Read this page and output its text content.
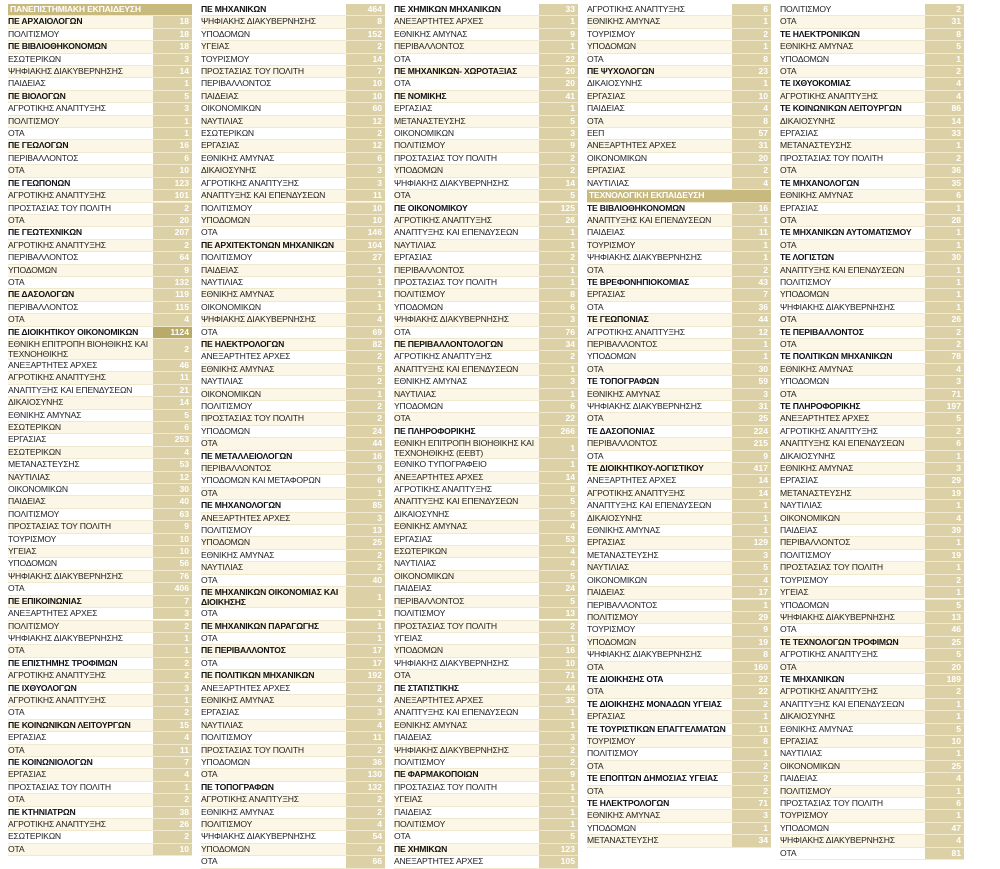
ΠΑΝΕΠΙΣΤΗΜΙΑΚΗ ΕΚΠΑΙΔΕΥΣΗ
ΠΕ ΑΡΧΑΙΟΛΟΓΩΝ	18
ΠΟΛΙΤΙΣΜΟΥ	18
ΠΕ ΒΙΒΛΙΟΘΗΚΟΝΟΜΩΝ	18
ΕΣΩΤΕΡΙΚΩΝ	3
ΨΗΦΙΑΚΗΣ ΔΙΑΚΥΒΕΡΝΗΣΗΣ	14
ΠΑΙΔΕΙΑΣ	1
ΠΕ ΒΙΟΛΟΓΩΝ	5
ΑΓΡΟΤΙΚΗΣ ΑΝΑΠΤΥΞΗΣ	3
ΠΟΛΙΤΙΣΜΟΥ	1
ΟΤΑ	1
ΠΕ ΓΕΩΛΟΓΩΝ	16
ΠΕΡΙΒΑΛΛΟΝΤΟΣ	6
ΟΤΑ	10
ΠΕ ΓΕΩΠΟΝΩΝ	123
ΑΓΡΟΤΙΚΗΣ ΑΝΑΠΤΥΞΗΣ	101
ΠΡΟΣΤΑΣΙΑΣ ΤΟΥ ΠΟΛΙΤΗ	2
ΟΤΑ	20
ΠΕ ΓΕΩΤΕΧΝΙΚΩΝ	207
ΑΓΡΟΤΙΚΗΣ ΑΝΑΠΤΥΞΗΣ	2
ΠΕΡΙΒΑΛΛΟΝΤΟΣ	64
ΥΠΟΔΟΜΩΝ	9
ΟΤΑ	132
ΠΕ ΔΑΣΟΛΟΓΩΝ	119
ΠΕΡΙΒΑΛΛΟΝΤΟΣ	115
ΟΤΑ	4
ΠΕ ΔΙΟΙΚΗΤΙΚΟΥ ΟΙΚΟΝΟΜΙΚΩΝ	1124
ΕΘΝΙΚΗ ΕΠΙΤΡΟΠΗ ΒΙΟΗΘΙΚΗΣ ΚΑΙ ΤΕΧΝΟΗΘΙΚΗΣ	2
ΑΝΕΞΑΡΤΗΤΕΣ ΑΡΧΕΣ	46
ΑΓΡΟΤΙΚΗΣ ΑΝΑΠΤΥΞΗΣ	11
ΑΝΑΠΤΥΞΗΣ ΚΑΙ ΕΠΕΝΔΥΣΕΩΝ	21
ΔΙΚΑΙΟΣΥΝΗΣ	14
ΕΘΝΙΚΗΣ ΑΜΥΝΑΣ	5
ΕΣΩΤΕΡΙΚΩΝ	6
ΕΡΓΑΣΙΑΣ	253
ΕΣΩΤΕΡΙΚΩΝ	4
ΜΕΤΑΝΑΣΤΕΥΣΗΣ	53
ΝΑΥΤΙΛΙΑΣ	12
ΟΙΚΟΝΟΜΙΚΩΝ	30
ΠΑΙΔΕΙΑΣ	40
ΠΟΛΙΤΙΣΜΟΥ	63
ΠΡΟΣΤΑΣΙΑΣ ΤΟΥ ΠΟΛΙΤΗ	9
ΤΟΥΡΙΣΜΟΥ	10
ΥΓΕΙΑΣ	10
ΥΠΟΔΟΜΩΝ	56
ΨΗΦΙΑΚΗΣ ΔΙΑΚΥΒΕΡΝΗΣΗΣ	76
ΟΤΑ	406
ΠΕ ΕΠΙΚΟΙΝΩΝΙΑΣ	7
ΑΝΕΞΑΡΤΗΤΕΣ ΑΡΧΕΣ	3
ΠΟΛΙΤΙΣΜΟΥ	2
ΨΗΦΙΑΚΗΣ ΔΙΑΚΥΒΕΡΝΗΣΗΣ	1
ΟΤΑ	1
ΠΕ ΕΠΙΣΤΗΜΗΣ ΤΡΟΦΙΜΩΝ	2
ΑΓΡΟΤΙΚΗΣ ΑΝΑΠΤΥΞΗΣ	2
ΠΕ ΙΧΘΥΟΛΟΓΩΝ	3
ΑΓΡΟΤΙΚΗΣ ΑΝΑΠΤΥΞΗΣ	1
ΟΤΑ	2
ΠΕ ΚΟΙΝΩΝΙΚΩΝ ΛΕΙΤΟΥΡΓΩΝ	15
ΕΡΓΑΣΙΑΣ	4
ΟΤΑ	11
ΠΕ ΚΟΙΝΩΝΙΟΛΟΓΩΝ	7
ΕΡΓΑΣΙΑΣ	4
ΠΡΟΣΤΑΣΙΑΣ ΤΟΥ ΠΟΛΙΤΗ	1
ΟΤΑ	2
ΠΕ ΚΤΗΝΙΑΤΡΩΝ	38
ΑΓΡΟΤΙΚΗΣ ΑΝΑΠΤΥΞΗΣ	26
ΕΣΩΤΕΡΙΚΩΝ	2
ΟΤΑ	10
ΠΕ ΜΗΧΑΝΙΚΩΝ	464
ΨΗΦΙΑΚΗΣ ΔΙΑΚΥΒΕΡΝΗΣΗΣ	8
ΥΠΟΔΟΜΩΝ	152
ΥΓΕΙΑΣ	2
ΤΟΥΡΙΣΜΟΥ	14
ΠΡΟΣΤΑΣΙΑΣ ΤΟΥ ΠΟΛΙΤΗ	7
ΠΕΡΙΒΑΛΛΟΝΤΟΣ	10
ΠΑΙΔΕΙΑΣ	10
ΟΙΚΟΝΟΜΙΚΩΝ	60
ΝΑΥΤΙΛΙΑΣ	12
ΕΣΩΤΕΡΙΚΩΝ	2
ΕΡΓΑΣΙΑΣ	12
ΕΘΝΙΚΗΣ ΑΜΥΝΑΣ	6
ΔΙΚΑΙΟΣΥΝΗΣ	3
ΑΓΡΟΤΙΚΗΣ ΑΝΑΠΤΥΞΗΣ	3
ΑΝΑΠΤΥΞΗΣ ΚΑΙ ΕΠΕΝΔΥΣΕΩΝ	11
ΠΟΛΙΤΙΣΜΟΥ	10
ΥΠΟΔΟΜΩΝ	10
ΟΤΑ	146
ΠΕ ΑΡΧΙΤΕΚΤΟΝΩΝ ΜΗΧΑΝΙΚΩΝ	104
ΠΟΛΙΤΙΣΜΟΥ	27
ΠΑΙΔΕΙΑΣ	1
ΝΑΥΤΙΛΙΑΣ	1
ΕΘΝΙΚΗΣ ΑΜΥΝΑΣ	1
ΟΙΚΟΝΟΜΙΚΩΝ	1
ΨΗΦΙΑΚΗΣ ΔΙΑΚΥΒΕΡΝΗΣΗΣ	4
ΟΤΑ	69
ΠΕ ΗΛΕΚΤΡΟΛΟΓΩΝ	82
ΑΝΕΞΑΡΤΗΤΕΣ ΑΡΧΕΣ	2
ΕΘΝΙΚΗΣ ΑΜΥΝΑΣ	5
ΝΑΥΤΙΛΙΑΣ	2
ΟΙΚΟΝΟΜΙΚΩΝ	1
ΠΟΛΙΤΙΣΜΟΥ	2
ΠΡΟΣΤΑΣΙΑΣ ΤΟΥ ΠΟΛΙΤΗ	2
ΥΠΟΔΟΜΩΝ	24
ΟΤΑ	44
ΠΕ ΜΕΤΑΛΛΕΙΟΛΟΓΩΝ	16
ΠΕΡΙΒΑΛΛΟΝΤΟΣ	9
ΥΠΟΔΟΜΩΝ ΚΑΙ ΜΕΤΑΦΟΡΩΝ	6
ΟΤΑ	1
ΠΕ ΜΗΧΑΝΟΛΟΓΩΝ	85
ΑΝΕΞΑΡΤΗΤΕΣ ΑΡΧΕΣ	3
ΠΟΛΙΤΙΣΜΟΥ	13
ΥΠΟΔΟΜΩΝ	25
ΕΘΝΙΚΗΣ ΑΜΥΝΑΣ	2
ΝΑΥΤΙΛΙΑΣ	2
ΟΤΑ	40
ΠΕ ΜΗΧΑΝΙΚΩΝ ΟΙΚΟΝΟΜΙΑΣ ΚΑΙ ΔΙΟΙΚΗΣΗΣ	1
ΟΤΑ	1
ΠΕ ΜΗΧΑΝΙΚΩΝ ΠΑΡΑΓΩΓΗΣ	1
ΟΤΑ	1
ΠΕ ΠΕΡΙΒΑΛΛΟΝΤΟΣ	17
ΟΤΑ	17
ΠΕ ΠΟΛΙΤΙΚΩΝ ΜΗΧΑΝΙΚΩΝ	192
ΑΝΕΞΑΡΤΗΤΕΣ ΑΡΧΕΣ	2
ΕΘΝΙΚΗΣ ΑΜΥΝΑΣ	4
ΕΡΓΑΣΙΑΣ	3
ΝΑΥΤΙΛΙΑΣ	4
ΠΟΛΙΤΙΣΜΟΥ	11
ΠΡΟΣΤΑΣΙΑΣ ΤΟΥ ΠΟΛΙΤΗ	2
ΥΠΟΔΟΜΩΝ	36
ΟΤΑ	130
ΠΕ ΤΟΠΟΓΡΑΦΩΝ	132
ΑΓΡΟΤΙΚΗΣ ΑΝΑΠΤΥΞΗΣ	2
ΕΘΝΙΚΗΣ ΑΜΥΝΑΣ	2
ΠΟΛΙΤΙΣΜΟΥ	4
ΨΗΦΙΑΚΗΣ ΔΙΑΚΥΒΕΡΝΗΣΗΣ	54
ΥΠΟΔΟΜΩΝ	4
ΟΤΑ	66
ΠΕ ΧΗΜΙΚΩΝ ΜΗΧΑΝΙΚΩΝ	33
ΑΝΕΞΑΡΤΗΤΕΣ ΑΡΧΕΣ	1
ΕΘΝΙΚΗΣ ΑΜΥΝΑΣ	9
ΠΕΡΙΒΑΛΛΟΝΤΟΣ	1
ΟΤΑ	22
ΠΕ ΜΗΧΑΝΙΚΩΝ- ΧΩΡΟΤΑΞΙΑΣ	20
ΟΤΑ	20
ΠΕ ΝΟΜΙΚΗΣ	41
ΕΡΓΑΣΙΑΣ	1
ΜΕΤΑΝΑΣΤΕΥΣΗΣ	5
ΟΙΚΟΝΟΜΙΚΩΝ	3
ΠΟΛΙΤΙΣΜΟΥ	9
ΠΡΟΣΤΑΣΙΑΣ ΤΟΥ ΠΟΛΙΤΗ	2
ΥΠΟΔΟΜΩΝ	2
ΨΗΦΙΑΚΗΣ ΔΙΑΚΥΒΕΡΝΗΣΗΣ	14
ΟΤΑ	5
ΠΕ ΟΙΚΟΝΟΜΙΚΟΥ	125
ΑΓΡΟΤΙΚΗΣ ΑΝΑΠΤΥΞΗΣ	26
ΑΝΑΠΤΥΞΗΣ ΚΑΙ ΕΠΕΝΔΥΣΕΩΝ	1
ΝΑΥΤΙΛΙΑΣ	1
ΕΡΓΑΣΙΑΣ	2
ΠΕΡΙΒΑΛΛΟΝΤΟΣ	1
ΠΡΟΣΤΑΣΙΑΣ ΤΟΥ ΠΟΛΙΤΗ	1
ΠΟΛΙΤΙΣΜΟΥ	8
ΥΠΟΔΟΜΩΝ	6
ΨΗΦΙΑΚΗΣ ΔΙΑΚΥΒΕΡΝΗΣΗΣ	3
ΟΤΑ	76
ΠΕ ΠΕΡΙΒΑΛΛΟΝΤΟΛΟΓΩΝ	34
ΑΓΡΟΤΙΚΗΣ ΑΝΑΠΤΥΞΗΣ	2
ΑΝΑΠΤΥΞΗΣ ΚΑΙ ΕΠΕΝΔΥΣΕΩΝ	1
ΕΘΝΙΚΗΣ ΑΜΥΝΑΣ	3
ΝΑΥΤΙΛΙΑΣ	1
ΥΠΟΔΟΜΩΝ	6
ΟΤΑ	22
ΠΕ ΠΛΗΡΟΦΟΡΙΚΗΣ	266
ΕΘΝΙΚΗ ΕΠΙΤΡΟΠΗ ΒΙΟΗΘΙΚΗΣ ΚΑΙ ΤΕΧΝΟΗΘΙΚΗΣ (ΕΕΒΤ)	1
ΕΘΝΙΚΟ ΤΥΠΟΓΡΑΦΕΙΟ	1
ΑΝΕΞΑΡΤΗΤΕΣ ΑΡΧΕΣ	14
ΑΓΡΟΤΙΚΗΣ ΑΝΑΠΤΥΞΗΣ	8
ΑΝΑΠΤΥΞΗΣ ΚΑΙ ΕΠΕΝΔΥΣΕΩΝ	5
ΔΙΚΑΙΟΣΥΝΗΣ	5
ΕΘΝΙΚΗΣ ΑΜΥΝΑΣ	4
ΕΡΓΑΣΙΑΣ	53
ΕΣΩΤΕΡΙΚΩΝ	4
ΝΑΥΤΙΛΙΑΣ	4
ΟΙΚΟΝΟΜΙΚΩΝ	5
ΠΑΙΔΕΙΑΣ	24
ΠΕΡΙΒΑΛΛΟΝΤΟΣ	5
ΠΟΛΙΤΙΣΜΟΥ	13
ΠΡΟΣΤΑΣΙΑΣ ΤΟΥ ΠΟΛΙΤΗ	2
ΥΓΕΙΑΣ	1
ΥΠΟΔΟΜΩΝ	16
ΨΗΦΙΑΚΗΣ ΔΙΑΚΥΒΕΡΝΗΣΗΣ	10
ΟΤΑ	71
ΠΕ ΣΤΑΤΙΣΤΙΚΗΣ	44
ΑΝΕΞΑΡΤΗΤΕΣ ΑΡΧΕΣ	35
ΑΝΑΠΤΥΞΗΣ ΚΑΙ ΕΠΕΝΔΥΣΕΩΝ	1
ΕΘΝΙΚΗΣ ΑΜΥΝΑΣ	1
ΠΑΙΔΕΙΑΣ	3
ΨΗΦΙΑΚΗΣ ΔΙΑΚΥΒΕΡΝΗΣΗΣ	2
ΠΟΛΙΤΙΣΜΟΥ	2
ΠΕ ΦΑΡΜΑΚΟΠΟΙΩΝ	9
ΠΡΟΣΤΑΣΙΑΣ ΤΟΥ ΠΟΛΙΤΗ	1
ΥΓΕΙΑΣ	1
ΠΑΙΔΕΙΑΣ	1
ΠΟΛΙΤΙΣΜΟΥ	1
ΟΤΑ	5
ΠΕ ΧΗΜΙΚΩΝ	123
ΑΝΕΞΑΡΤΗΤΕΣ ΑΡΧΕΣ	105
ΑΓΡΟΤΙΚΗΣ ΑΝΑΠΤΥΞΗΣ	6
ΕΘΝΙΚΗΣ ΑΜΥΝΑΣ	1
ΤΟΥΡΙΣΜΟΥ	2
ΥΠΟΔΟΜΩΝ	1
ΟΤΑ	8
ΠΕ ΨΥΧΟΛΟΓΩΝ	23
ΔΙΚΑΙΟΣΥΝΗΣ	1
ΕΡΓΑΣΙΑΣ	10
ΠΑΙΔΕΙΑΣ	4
ΟΤΑ	8
ΕΕΠ	57
ΑΝΕΞΑΡΤΗΤΕΣ ΑΡΧΕΣ	31
ΟΙΚΟΝΟΜΙΚΩΝ	20
ΕΡΓΑΣΙΑΣ	2
ΝΑΥΤΙΛΙΑΣ	4
ΤΕΧΝΟΛΟΓΙΚΗ ΕΚΠΑΙΔΕΥΣΗ
ΤΕ ΒΙΒΛΙΟΘΗΚΟΝΟΜΩΝ	16
ΑΝΑΠΤΥΞΗΣ ΚΑΙ ΕΠΕΝΔΥΣΕΩΝ	1
ΠΑΙΔΕΙΑΣ	11
ΤΟΥΡΙΣΜΟΥ	1
ΨΗΦΙΑΚΗΣ ΔΙΑΚΥΒΕΡΝΗΣΗΣ	1
ΟΤΑ	2
ΤΕ ΒΡΕΦΟΝΗΠΙΟΚΟΜΙΑΣ	43
ΕΡΓΑΣΙΑΣ	7
ΟΤΑ	36
ΤΕ ΓΕΩΠΟΝΙΑΣ	44
ΑΓΡΟΤΙΚΗΣ ΑΝΑΠΤΥΞΗΣ	12
ΠΕΡΙΒΑΛΛΟΝΤΟΣ	1
ΥΠΟΔΟΜΩΝ	1
ΟΤΑ	30
ΤΕ ΤΟΠΟΓΡΑΦΩΝ	59
ΕΘΝΙΚΗΣ ΑΜΥΝΑΣ	3
ΨΗΦΙΑΚΗΣ ΔΙΑΚΥΒΕΡΝΗΣΗΣ	31
ΟΤΑ	25
ΤΕ ΔΑΣΟΠΟΝΙΑΣ	224
ΠΕΡΙΒΑΛΛΟΝΤΟΣ	215
ΟΤΑ	9
ΤΕ ΔΙΟΙΚΗΤΙΚΟΥ-ΛΟΓΙΣΤΙΚΟΥ	417
ΑΝΕΞΑΡΤΗΤΕΣ ΑΡΧΕΣ	14
ΑΓΡΟΤΙΚΗΣ ΑΝΑΠΤΥΞΗΣ	14
ΑΝΑΠΤΥΞΗΣ ΚΑΙ ΕΠΕΝΔΥΣΕΩΝ	1
ΔΙΚΑΙΟΣΥΝΗΣ	1
ΕΘΝΙΚΗΣ ΑΜΥΝΑΣ	1
ΕΡΓΑΣΙΑΣ	129
ΜΕΤΑΝΑΣΤΕΥΣΗΣ	3
ΝΑΥΤΙΛΙΑΣ	5
ΟΙΚΟΝΟΜΙΚΩΝ	4
ΠΑΙΔΕΙΑΣ	17
ΠΕΡΙΒΑΛΛΟΝΤΟΣ	1
ΠΟΛΙΤΙΣΜΟΥ	29
ΤΟΥΡΙΣΜΟΥ	9
ΥΠΟΔΟΜΩΝ	19
ΨΗΦΙΑΚΗΣ ΔΙΑΚΥΒΕΡΝΗΣΗΣ	8
ΟΤΑ	160
ΤΕ ΔΙΟΙΚΗΣΗΣ ΟΤΑ	22
ΟΤΑ	22
ΤΕ ΔΙΟΙΚΗΣΗΣ ΜΟΝΑΔΩΝ ΥΓΕΙΑΣ	2
ΕΡΓΑΣΙΑΣ	1
ΤΕ ΤΟΥΡΙΣΤΙΚΩΝ ΕΠΑΓΓΕΛΜΑΤΩΝ	11
ΤΟΥΡΙΣΜΟΥ	8
ΠΟΛΙΤΙΣΜΟΥ	1
ΟΤΑ	2
ΤΕ ΕΠΟΠΤΩΝ ΔΗΜΟΣΙΑΣ ΥΓΕΙΑΣ	2
ΟΤΑ	2
ΤΕ ΗΛΕΚΤΡΟΛΟΓΩΝ	71
ΕΘΝΙΚΗΣ ΑΜΥΝΑΣ	3
ΥΠΟΔΟΜΩΝ	1
ΜΕΤΑΝΑΣΤΕΥΣΗΣ	34
ΠΟΛΙΤΙΣΜΟΥ	2
ΟΤΑ	31
ΤΕ ΗΛΕΚΤΡΟΝΙΚΩΝ	8
ΕΘΝΙΚΗΣ ΑΜΥΝΑΣ	5
ΥΠΟΔΟΜΩΝ	1
ΟΤΑ	2
ΤΕ ΙΧΘΥΟΚΟΜΙΑΣ	4
ΑΓΡΟΤΙΚΗΣ ΑΝΑΠΤΥΞΗΣ	4
ΤΕ ΚΟΙΝΩΝΙΚΩΝ ΛΕΙΤΟΥΡΓΩΝ	86
ΔΙΚΑΙΟΣΥΝΗΣ	14
ΕΡΓΑΣΙΑΣ	33
ΜΕΤΑΝΑΣΤΕΥΣΗΣ	1
ΠΡΟΣΤΑΣΙΑΣ ΤΟΥ ΠΟΛΙΤΗ	2
ΟΤΑ	36
ΤΕ ΜΗΧΑΝΟΛΟΓΩΝ	35
ΕΘΝΙΚΗΣ ΑΜΥΝΑΣ	6
ΕΡΓΑΣΙΑΣ	1
ΟΤΑ	28
ΤΕ ΜΗΧΑΝΙΚΩΝ ΑΥΤΟΜΑΤΙΣΜΟΥ	1
ΟΤΑ	1
ΤΕ ΛΟΓΙΣΤΩΝ	30
ΑΝΑΠΤΥΞΗΣ ΚΑΙ ΕΠΕΝΔΥΣΕΩΝ	1
ΠΟΛΙΤΙΣΜΟΥ	1
ΥΠΟΔΟΜΩΝ	1
ΨΗΦΙΑΚΗΣ ΔΙΑΚΥΒΕΡΝΗΣΗΣ	1
ΟΤΑ	26
ΤΕ ΠΕΡΙΒΑΛΛΟΝΤΟΣ	2
ΟΤΑ	2
ΤΕ ΠΟΛΙΤΙΚΩΝ ΜΗΧΑΝΙΚΩΝ	78
ΕΘΝΙΚΗΣ ΑΜΥΝΑΣ	4
ΥΠΟΔΟΜΩΝ	3
ΟΤΑ	71
ΤΕ ΠΛΗΡΟΦΟΡΙΚΗΣ	197
ΑΝΕΞΑΡΤΗΤΕΣ ΑΡΧΕΣ	5
ΑΓΡΟΤΙΚΗΣ ΑΝΑΠΤΥΞΗΣ	2
ΑΝΑΠΤΥΞΗΣ ΚΑΙ ΕΠΕΝΔΥΣΕΩΝ	6
ΔΙΚΑΙΟΣΥΝΗΣ	1
ΕΘΝΙΚΗΣ ΑΜΥΝΑΣ	3
ΕΡΓΑΣΙΑΣ	29
ΜΕΤΑΝΑΣΤΕΥΣΗΣ	19
ΝΑΥΤΙΛΙΑΣ	1
ΟΙΚΟΝΟΜΙΚΩΝ	4
ΠΑΙΔΕΙΑΣ	39
ΠΕΡΙΒΑΛΛΟΝΤΟΣ	1
ΠΟΛΙΤΙΣΜΟΥ	19
ΠΡΟΣΤΑΣΙΑΣ ΤΟΥ ΠΟΛΙΤΗ	1
ΤΟΥΡΙΣΜΟΥ	2
ΥΓΕΙΑΣ	1
ΥΠΟΔΟΜΩΝ	5
ΨΗΦΙΑΚΗΣ ΔΙΑΚΥΒΕΡΝΗΣΗΣ	13
ΟΤΑ	46
ΤΕ ΤΕΧΝΟΛΟΓΩΝ ΤΡΟΦΙΜΩΝ	25
ΑΓΡΟΤΙΚΗΣ ΑΝΑΠΤΥΞΗΣ	5
ΟΤΑ	20
ΤΕ ΜΗΧΑΝΙΚΩΝ	189
ΑΓΡΟΤΙΚΗΣ ΑΝΑΠΤΥΞΗΣ	2
ΑΝΑΠΤΥΞΗΣ ΚΑΙ ΕΠΕΝΔΥΣΕΩΝ	1
ΔΙΚΑΙΟΣΥΝΗΣ	1
ΕΘΝΙΚΗΣ ΑΜΥΝΑΣ	5
ΕΡΓΑΣΙΑΣ	10
ΝΑΥΤΙΛΙΑΣ	1
ΟΙΚΟΝΟΜΙΚΩΝ	25
ΠΑΙΔΕΙΑΣ	4
ΠΟΛΙΤΙΣΜΟΥ	1
ΠΡΟΣΤΑΣΙΑΣ ΤΟΥ ΠΟΛΙΤΗ	6
ΤΟΥΡΙΣΜΟΥ	1
ΥΠΟΔΟΜΩΝ	47
ΨΗΦΙΑΚΗΣ ΔΙΑΚΥΒΕΡΝΗΣΗΣ	4
ΟΤΑ	81
